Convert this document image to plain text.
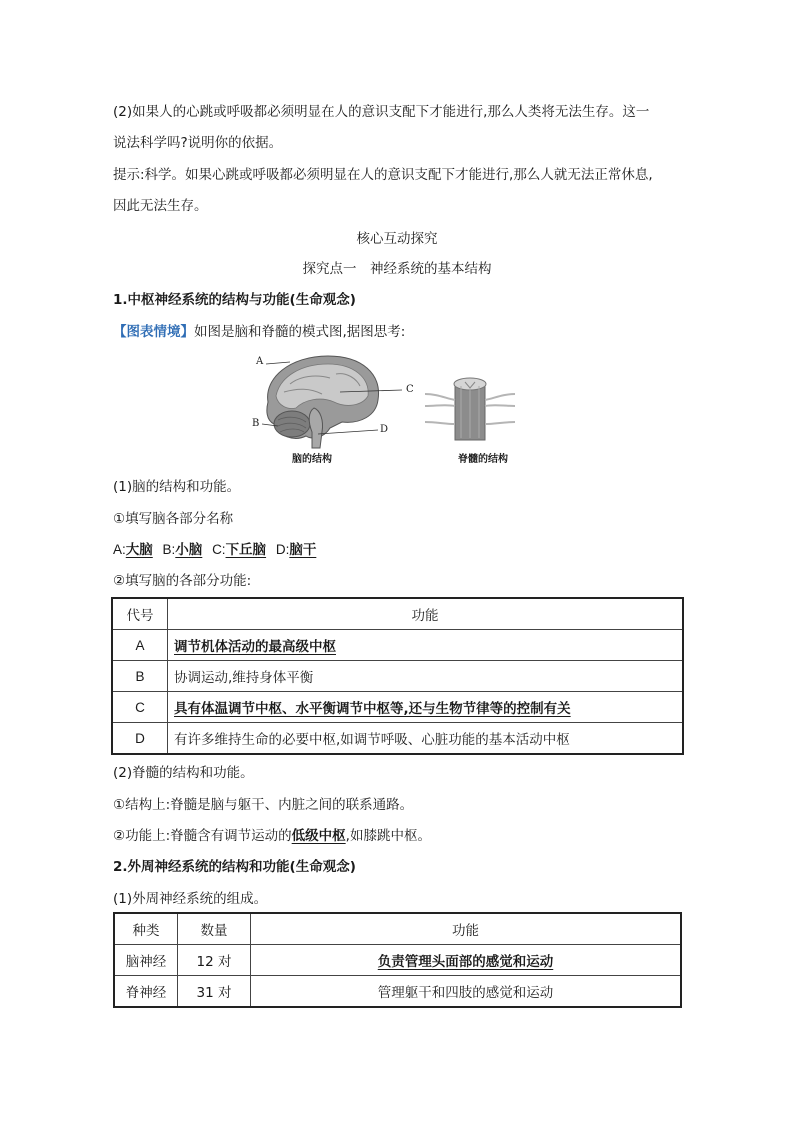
(2)如果人的心跳或呼吸都必须明显在人的意识支配下才能进行,那么人类将无法生存。这一
说法科学吗?说明你的依据。
提示:科学。如果心跳或呼吸都必须明显在人的意识支配下才能进行,那么人就无法正常休息,
因此无法生存。
核心互动探究
探究点一　神经系统的基本结构
1.中枢神经系统的结构与功能(生命观念)
【图表情境】如图是脑和脊髓的模式图,据图思考:
A
B
C
D
脑的结构	脊髓的结构
(1)脑的结构和功能。
①填写脑各部分名称
A:大脑 B:小脑 C:下丘脑 D:脑干
②填写脑的各部分功能:
代号	功能
A	调节机体活动的最高级中枢
B	协调运动,维持身体平衡
C	具有体温调节中枢、水平衡调节中枢等,还与生物节律等的控制有关
D	有许多维持生命的必要中枢,如调节呼吸、心脏功能的基本活动中枢
(2)脊髓的结构和功能。
①结构上:脊髓是脑与躯干、内脏之间的联系通路。
②功能上:脊髓含有调节运动的低级中枢,如膝跳中枢。
2.外周神经系统的结构和功能(生命观念)
(1)外周神经系统的组成。
种类	数量	功能
脑神经	12 对	负责管理头面部的感觉和运动
脊神经	31 对	管理躯干和四肢的感觉和运动
